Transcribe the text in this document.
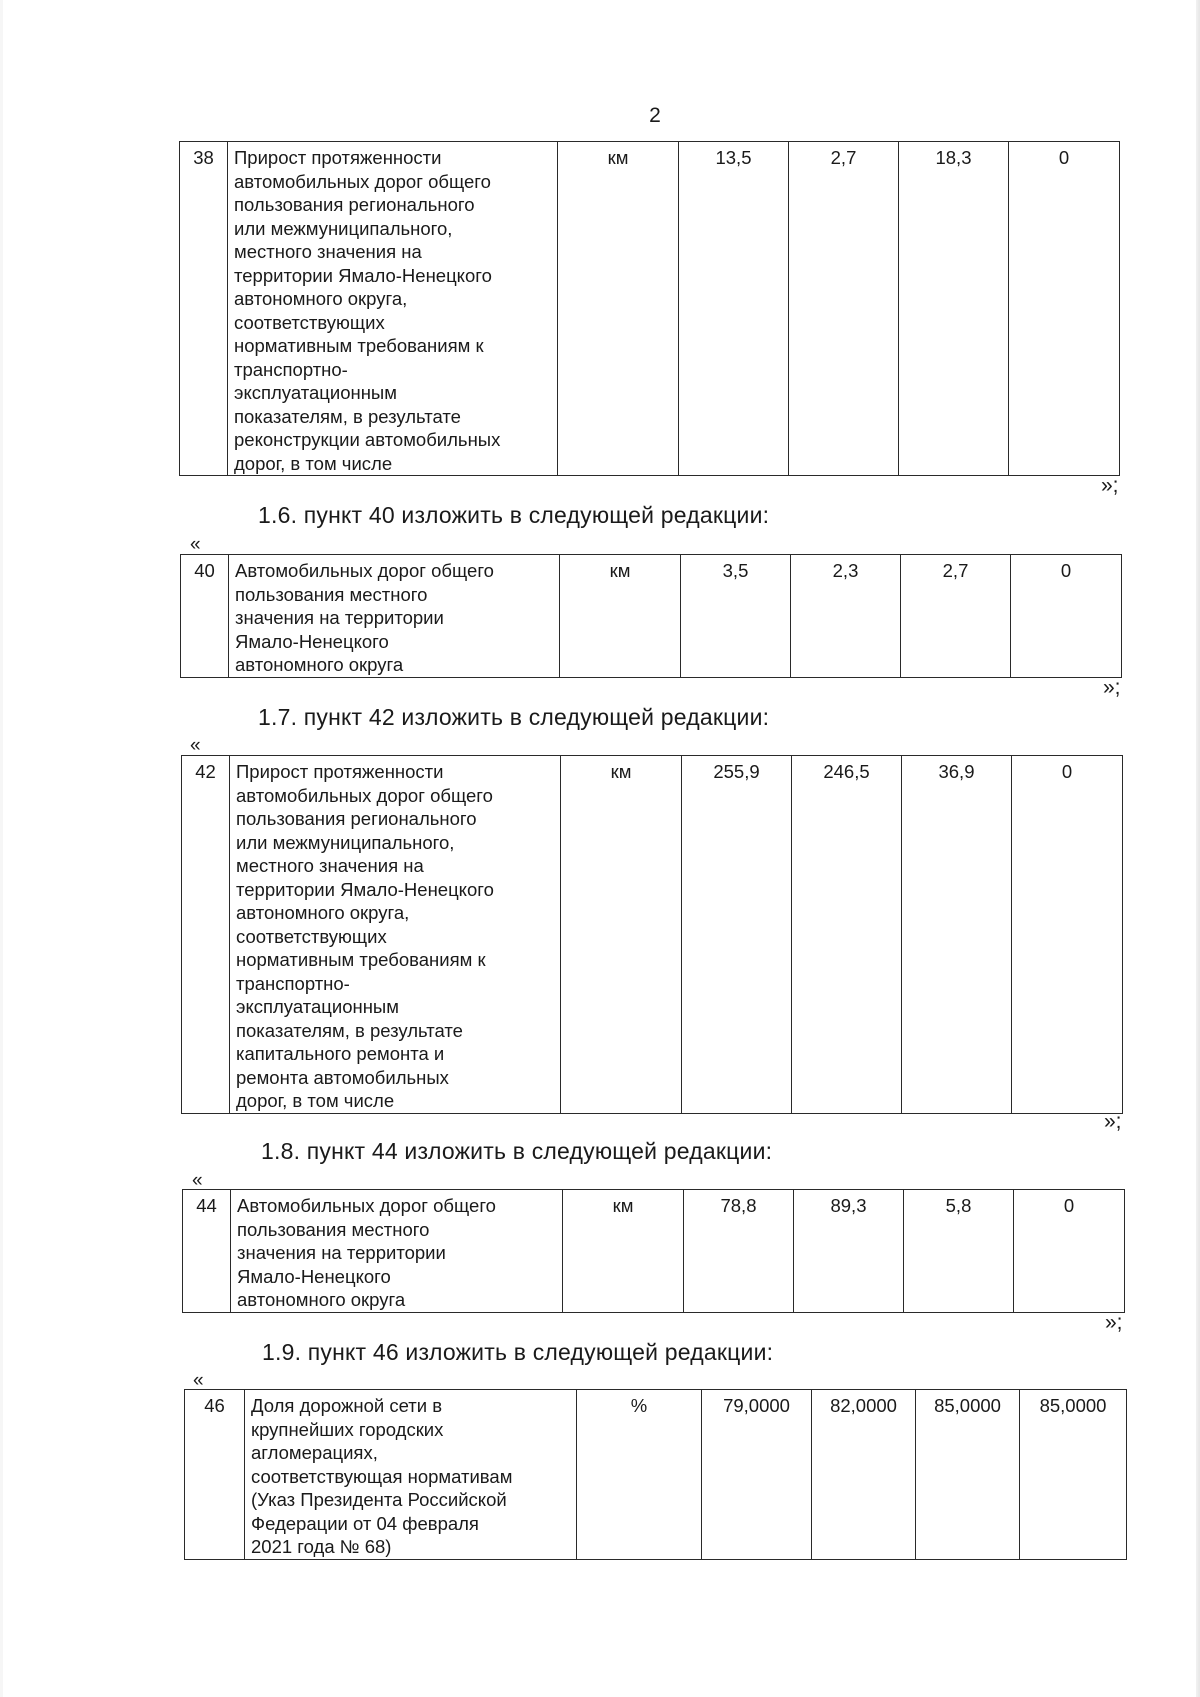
2
38	Прирост протяженности
автомобильных дорог общего
пользования регионального
или межмуниципального,
местного значения на
территории Ямало-Ненецкого
автономного округа,
соответствующих
нормативным требованиям к
транспортно-
эксплуатационным
показателям, в результате
реконструкции автомобильных
дорог, в том числе
	км	13,5	2,7	18,3	0
»;
1.6. пункт 40 изложить в следующей редакции:
«
40	Автомобильных дорог общего
пользования местного
значения на территории
Ямало-Ненецкого
автономного округа
	км	3,5	2,3	2,7	0
»;
1.7. пункт 42 изложить в следующей редакции:
«
42	Прирост протяженности
автомобильных дорог общего
пользования регионального
или межмуниципального,
местного значения на
территории Ямало-Ненецкого
автономного округа,
соответствующих
нормативным требованиям к
транспортно-
эксплуатационным
показателям, в результате
капитального ремонта и
ремонта автомобильных
дорог, в том числе
	км	255,9	246,5	36,9	0
»;
1.8. пункт 44 изложить в следующей редакции:
«
44	Автомобильных дорог общего
пользования местного
значения на территории
Ямало-Ненецкого
автономного округа
	км	78,8	89,3	5,8	0
»;
1.9. пункт 46 изложить в следующей редакции:
«
46	Доля дорожной сети в
крупнейших городских
агломерациях,
соответствующая нормативам
(Указ Президента Российской
Федерации от 04 февраля
2021 года № 68)
	%	79,0000	82,0000	85,0000	85,0000
